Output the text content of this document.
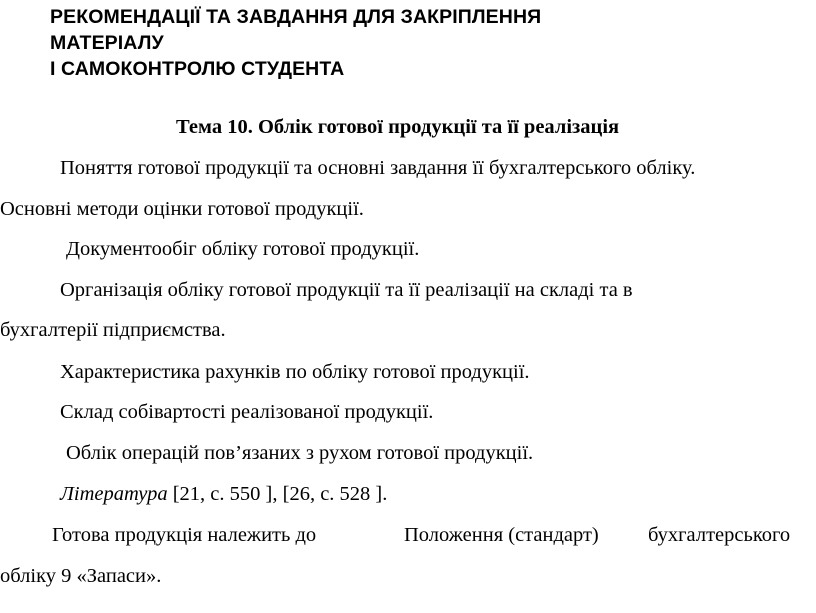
РЕКОМЕНДАЦІЇ ТА ЗАВДАННЯ ДЛЯ ЗАКРІПЛЕННЯ
МАТЕРІАЛУ
І САМОКОНТРОЛЮ СТУДЕНТА
Тема 10. Облік готової продукції та її реалізація
Поняття готової продукції та основні завдання її бухгалтерського обліку.
Основні методи оцінки готової продукції.
Документообіг обліку готової продукції.
Організація обліку готової продукції та її реалізації на складі та в
бухгалтерії підприємства.
Характеристика рахунків по обліку готової продукції.
Склад собівартості реалізованої продукції.
Облік операцій пов’язаних з рухом готової продукції.
Література [21, с. 550 ], [26, с. 528 ].
Готова продукція належить до	Положення (стандарт) бухгалтерського
обліку 9 «Запаси».
